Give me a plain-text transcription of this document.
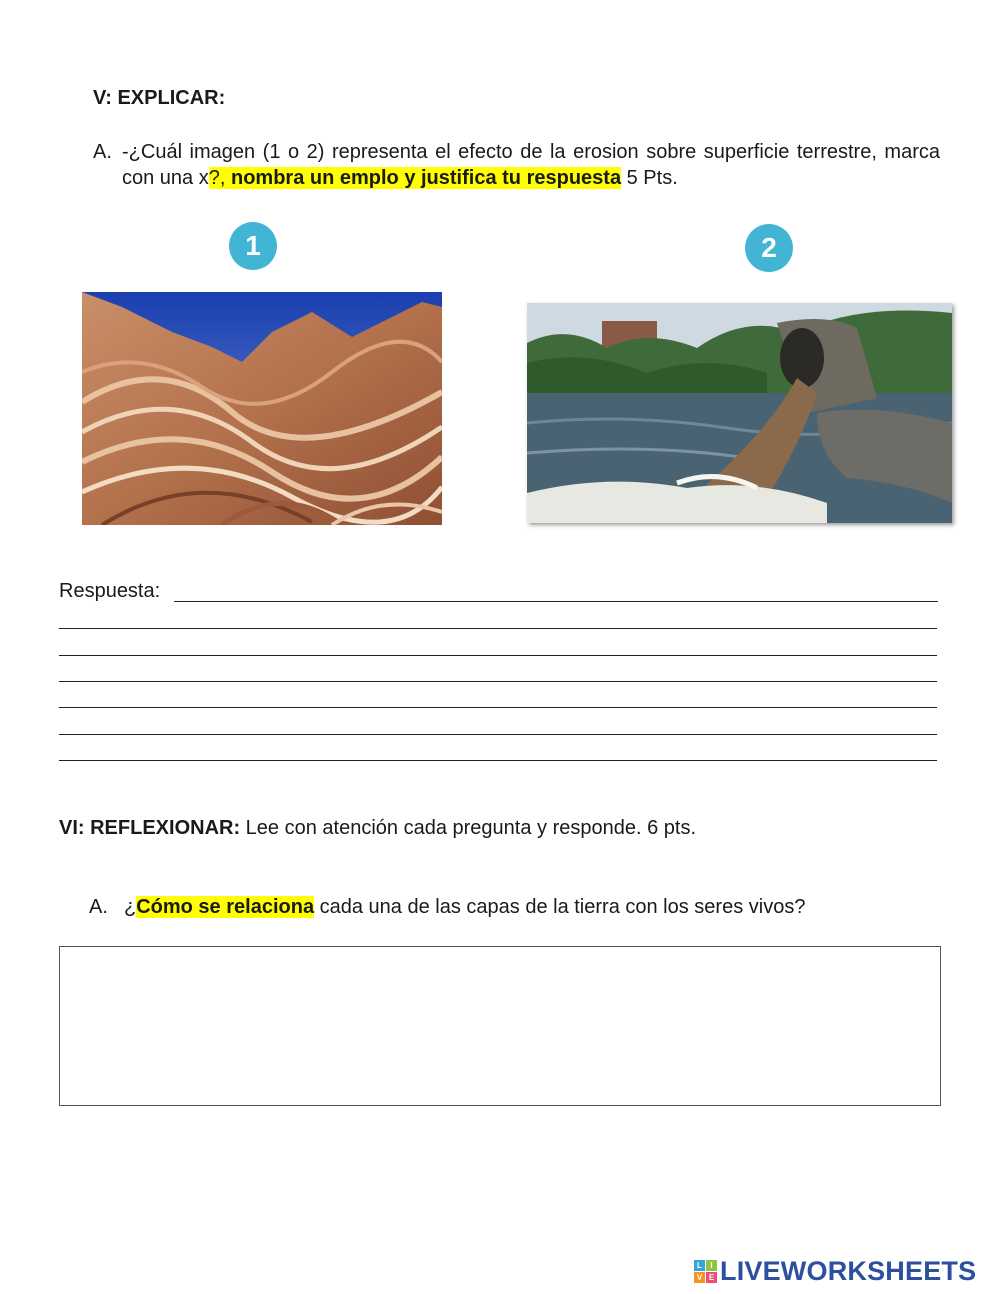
V: EXPLICAR:
A. -¿Cuál imagen (1 o 2) representa el efecto de la erosion sobre superficie terrestre, marca con una x?, nombra un emplo y justifica tu respuesta 5 Pts.
1	2
Respuesta:
VI: REFLEXIONAR: Lee con atención cada pregunta y responde. 6 pts.
A. ¿Cómo se relaciona cada una de las capas de la tierra con los seres vivos?
L	I
V E LIVEWORKSHEETS
